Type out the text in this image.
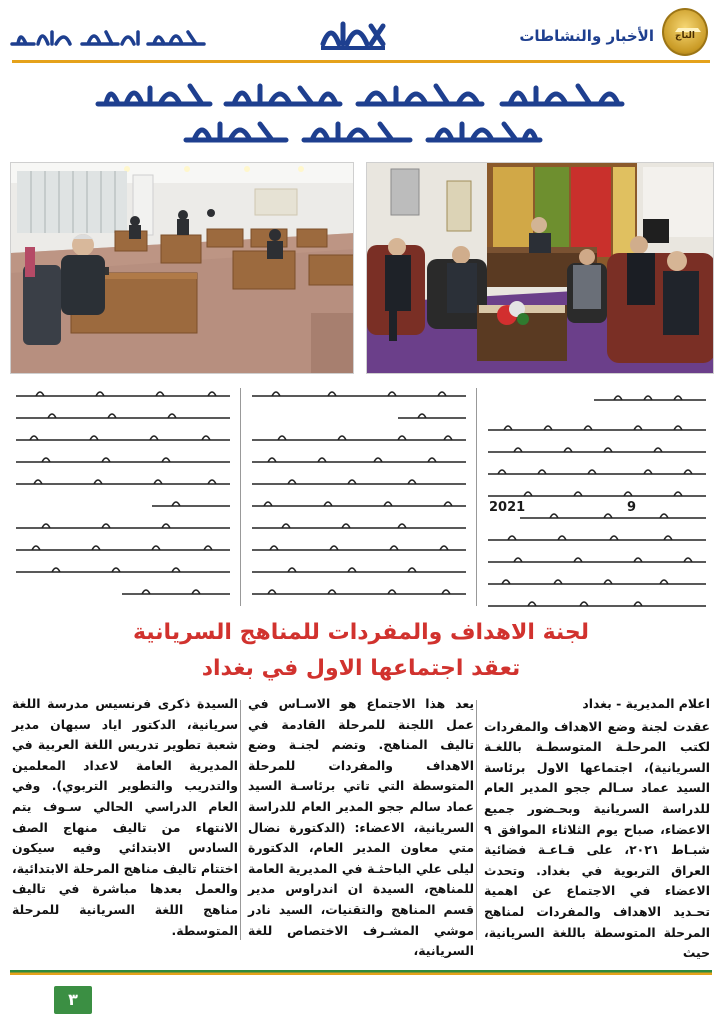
التاج
الأخبار والنشاطات
2021	9
لجنة الاهداف والمفردات للمناهج السريانية
تعقد اجتماعها الاول في بغداد
اعلام المديرية - بغداد

عقدت لجنة وضع الاهداف والمفردات لكتب المرحلـة المتوسطـة باللغـة السريانية)، اجتماعها الاول برئاسة السيد عماد سـالم ججو المدير العام للدراسة السريانية وبحـضور جميع الاعضاء، صباح يوم الثلاثاء الموافق ٩ شبـاط ٢٠٢١، على قـاعـة فضائية العراق التربوية في بغداد. وتحدث الاعضاء في الاجتماع عن اهمية تحـديد الاهداف والمفردات لمناهج المرحلة المتوسطة باللغة السريانية، حيث

يعد هذا الاجتماع هو الاسـاس في عمل اللجنة للمرحلة القادمة في تاليف المناهج. وتضم لجنـة وضع الاهداف والمفردات للمرحلة المتوسطة التي تاتي برئاسـة السيد عماد سالم ججو المدير العام للدراسة السريانية، الاعضاء: (الدكتورة نضال متي معاون المدير العام، الدكتورة ليلى علي الباحثـة في المديرية العامة للمناهج، السيدة ان اندراوس مدير قسم المناهج والتقنيات، السيد نادر موشي المشـرف الاختصاص للغة السريانية،

السيدة ذكرى فرنسيس مدرسة اللغة سريانية، الدكتور اياد سبهان مدير شعبة تطوير تدريس اللغة العربية في المديرية العامة لاعداد المعلمين والتدريب والتطوير التربوي). وفي العام الدراسي الحالي سـوف يتم الانتهاء من تاليف منهاج الصف السادس الابتدائي وفيه سيكون اختتام تاليف مناهج المرحلة الابتدائية، والعمل بعدها مباشرة في تاليف مناهج اللغة السريانية للمرحلة المتوسطة.

٣
